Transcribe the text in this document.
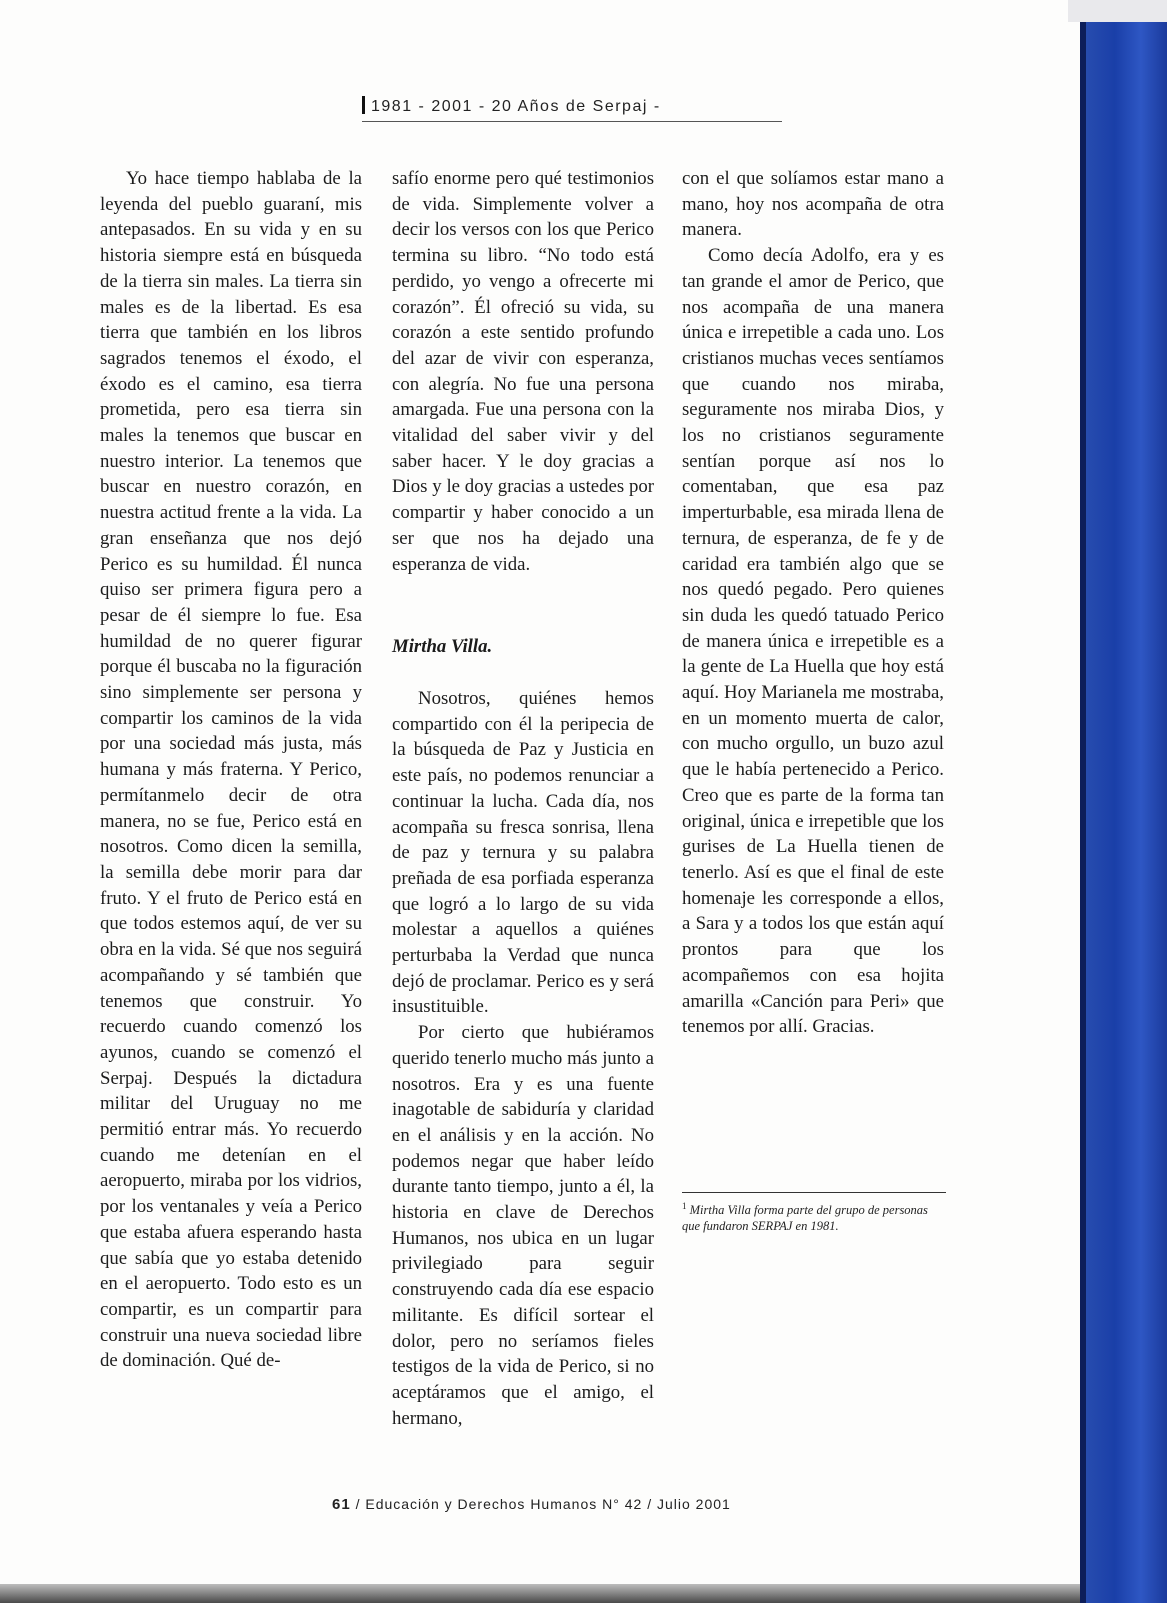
1981 - 2001 - 20 Años de Serpaj -

Yo hace tiempo hablaba de la leyenda del pueblo guaraní, mis antepasados. En su vida y en su historia siempre está en búsqueda de la tierra sin males. La tierra sin males es de la libertad. Es esa tierra que también en los libros sagrados tenemos el éxodo, el éxodo es el camino, esa tierra prometida, pero esa tierra sin males la tenemos que buscar en nuestro interior. La tenemos que buscar en nuestro corazón, en nuestra actitud frente a la vida. La gran enseñanza que nos dejó Perico es su humildad. Él nunca quiso ser primera figura pero a pesar de él siempre lo fue. Esa humildad de no querer figurar porque él buscaba no la figuración sino simplemente ser persona y compartir los caminos de la vida por una sociedad más justa, más humana y más fraterna. Y Perico, permítanmelo decir de otra manera, no se fue, Perico está en nosotros. Como dicen la semilla, la semilla debe morir para dar fruto. Y el fruto de Perico está en que todos estemos aquí, de ver su obra en la vida. Sé que nos seguirá acompañando y sé también que tenemos que construir. Yo recuerdo cuando comenzó los ayunos, cuando se comenzó el Serpaj. Después la dictadura militar del Uruguay no me permitió entrar más. Yo recuerdo cuando me detenían en el aeropuerto, miraba por los vidrios, por los ventanales y veía a Perico que estaba afuera esperando hasta que sabía que yo estaba detenido en el aeropuerto. Todo esto es un compartir, es un compartir para construir una nueva sociedad libre de dominación. Qué de-

safío enorme pero qué testimonios de vida. Simplemente volver a decir los versos con los que Perico termina su libro. “No todo está perdido, yo vengo a ofrecerte mi corazón”. Él ofreció su vida, su corazón a este sentido profundo del azar de vivir con esperanza, con alegría. No fue una persona amargada. Fue una persona con la vitalidad del saber vivir y del saber hacer. Y le doy gracias a Dios y le doy gracias a ustedes por compartir y haber conocido a un ser que nos ha dejado una esperanza de vida.

Mirtha Villa.

Nosotros, quiénes hemos compartido con él la peripecia de la búsqueda de Paz y Justicia en este país, no podemos renunciar a continuar la lucha. Cada día, nos acompaña su fresca sonrisa, llena de paz y ternura y su palabra preñada de esa porfiada esperanza que logró a lo largo de su vida molestar a aquellos a quiénes perturbaba la Verdad que nunca dejó de proclamar. Perico es y será insustituible.

Por cierto que hubiéramos querido tenerlo mucho más junto a nosotros. Era y es una fuente inagotable de sabiduría y claridad en el análisis y en la acción. No podemos negar que haber leído durante tanto tiempo, junto a él, la historia en clave de Derechos Humanos, nos ubica en un lugar privilegiado para seguir construyendo cada día ese espacio militante. Es difícil sortear el dolor, pero no seríamos fieles testigos de la vida de Perico, si no aceptáramos que el amigo, el hermano,

con el que solíamos estar mano a mano, hoy nos acompaña de otra manera.

Como decía Adolfo, era y es tan grande el amor de Perico, que nos acompaña de una manera única e irrepetible a cada uno. Los cristianos muchas veces sentíamos que cuando nos miraba, seguramente nos miraba Dios, y los no cristianos seguramente sentían porque así nos lo comentaban, que esa paz imperturbable, esa mirada llena de ternura, de esperanza, de fe y de caridad era también algo que se nos quedó pegado. Pero quienes sin duda les quedó tatuado Perico de manera única e irrepetible es a la gente de La Huella que hoy está aquí. Hoy Marianela me mostraba, en un momento muerta de calor, con mucho orgullo, un buzo azul que le había pertenecido a Perico. Creo que es parte de la forma tan original, única e irrepetible que los gurises de La Huella tienen de tenerlo. Así es que el final de este homenaje les corresponde a ellos, a Sara y a todos los que están aquí prontos para que los acompañemos con esa hojita amarilla «Canción para Peri» que tenemos por allí. Gracias.

$^1$ Mirtha Villa forma parte del grupo de personas que fundaron SERPAJ en 1981.
61 / Educación y Derechos Humanos N° 42 / Julio 2001
